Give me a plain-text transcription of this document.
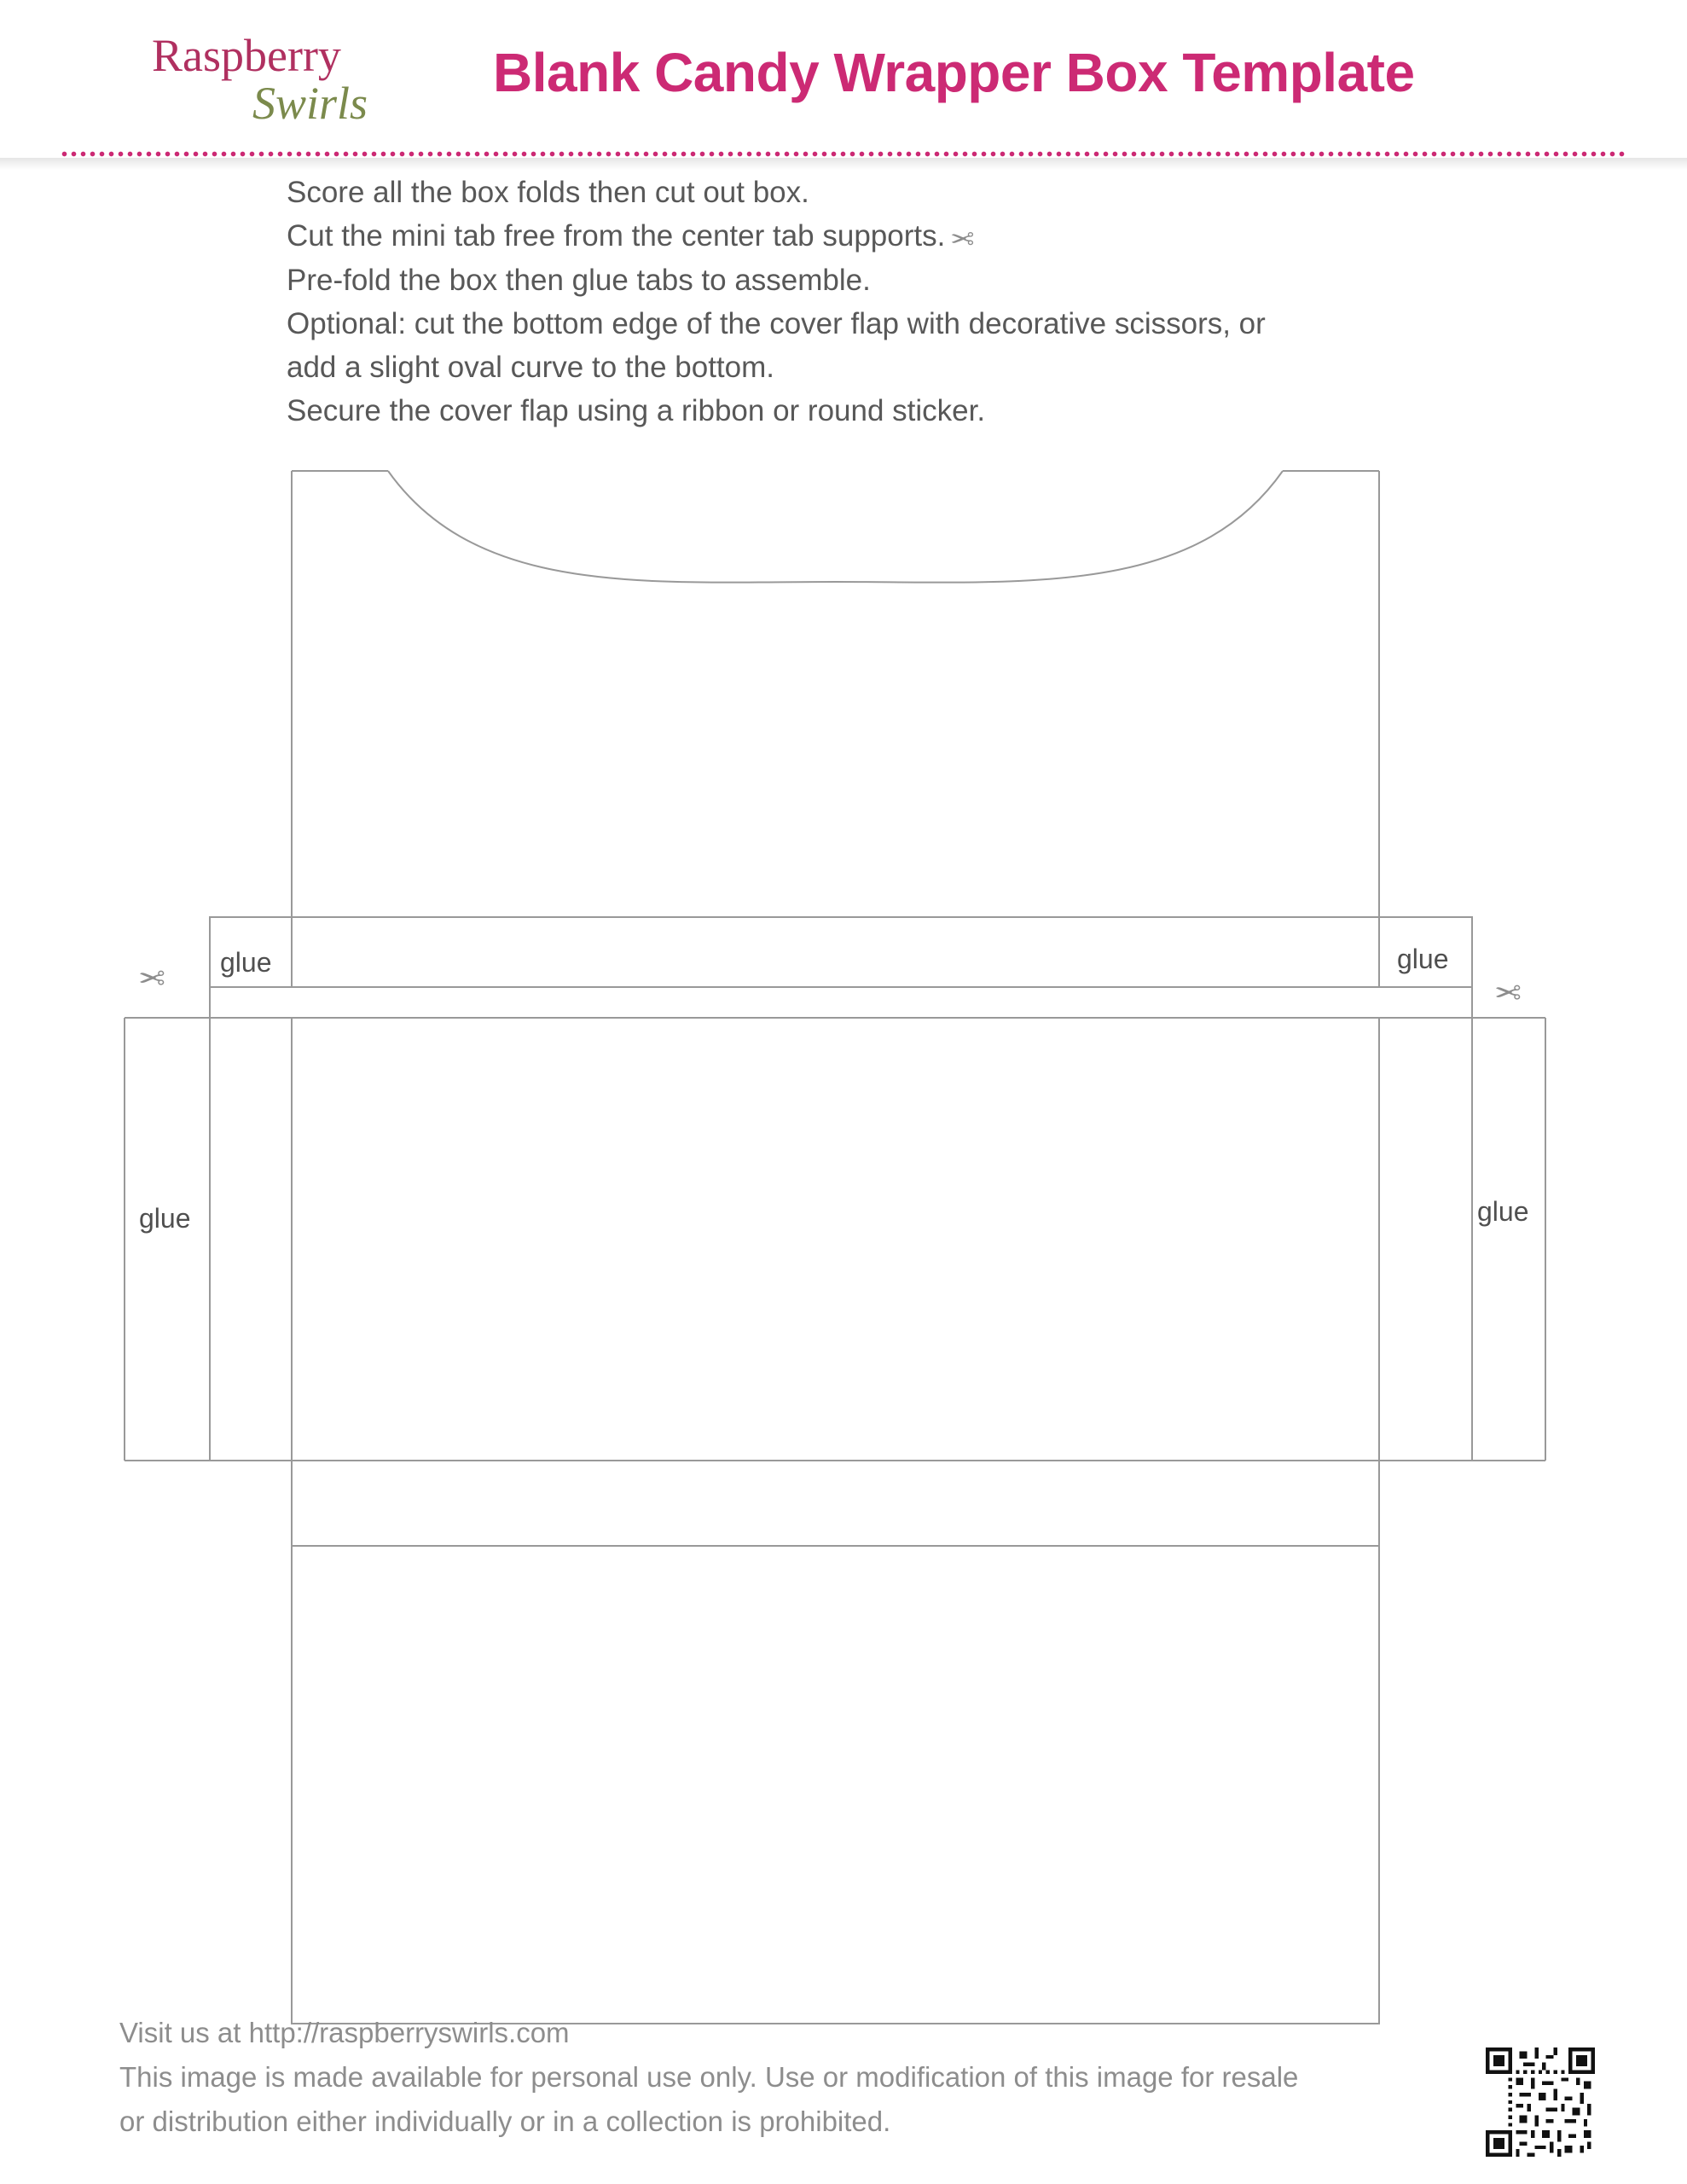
Raspberry
Swirls Blank Candy Wrapper Box Template
Score all the box folds then cut out box.
Cut the mini tab free from the center tab supports. ✂
Pre-fold the box then glue tabs to assemble.
Optional: cut the bottom edge of the cover flap with decorative scissors, or
add a slight oval curve to the bottom.
Secure the cover flap using a ribbon or round sticker.
glue	glue
glue	glue
✂	✂
Visit us at http://raspberryswirls.com
This image is made available for personal use only. Use or modification of this image for resale
or distribution either individually or in a collection is prohibited.
